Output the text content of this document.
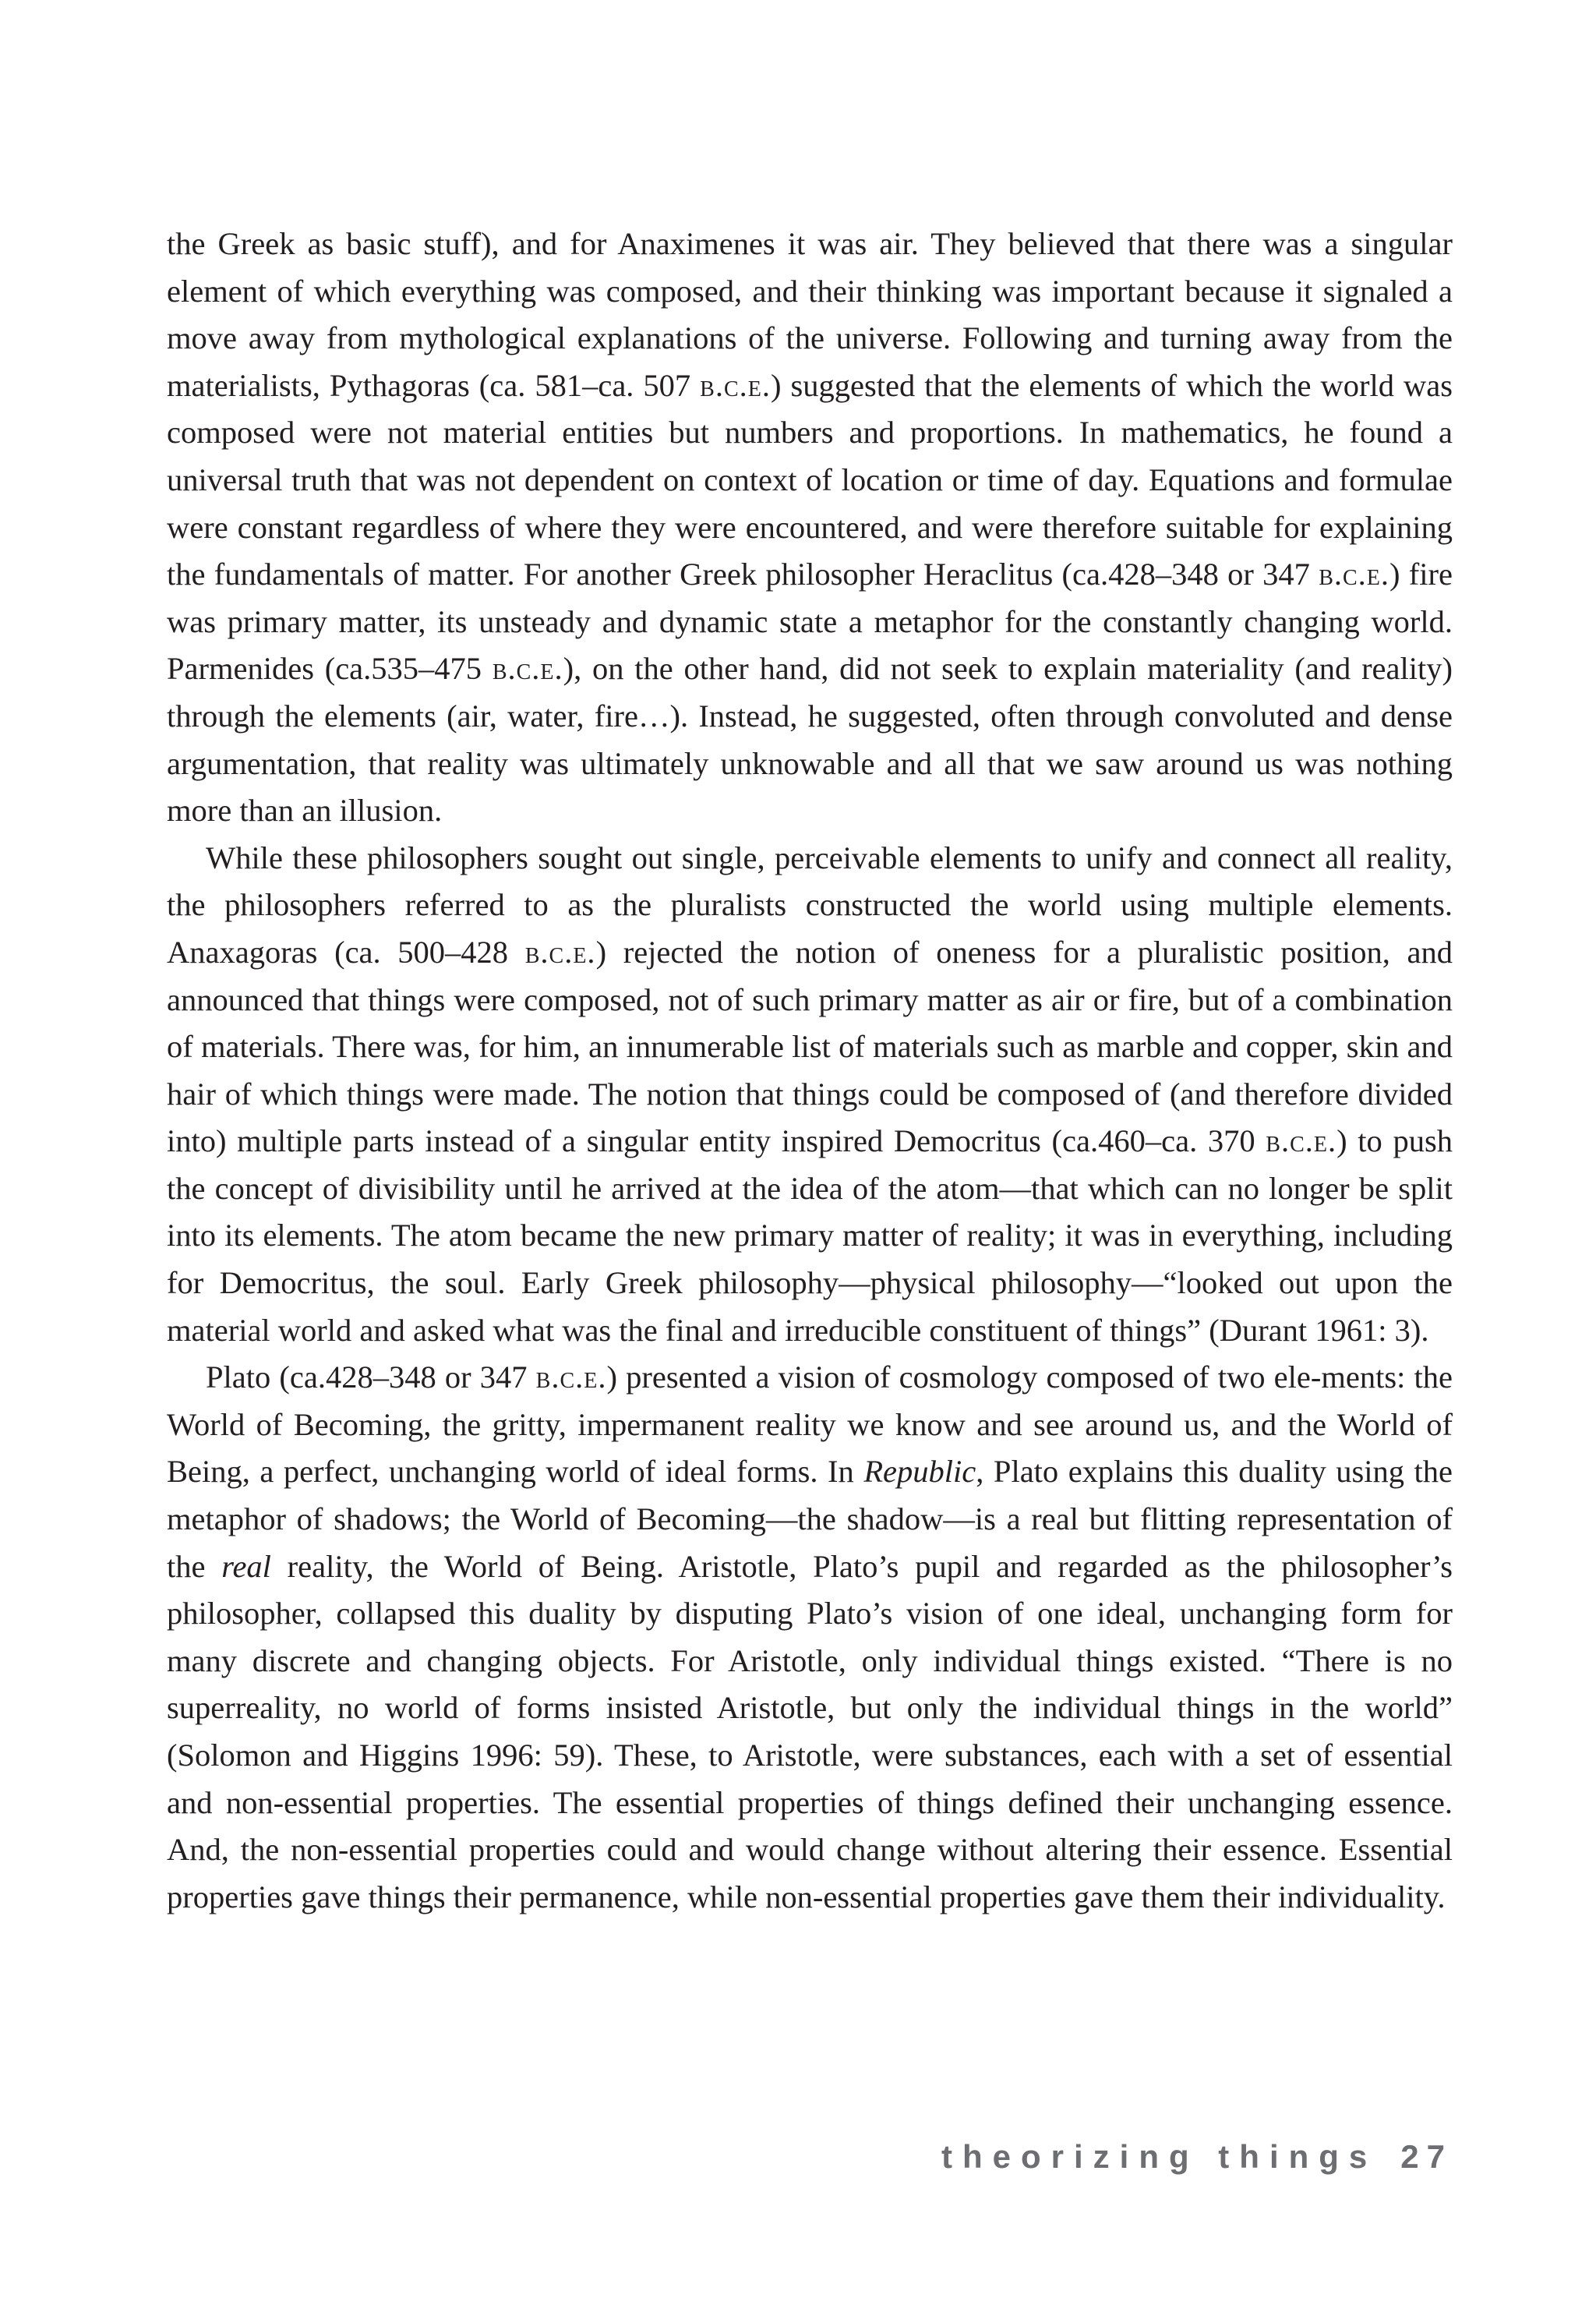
the Greek as basic stuff), and for Anaximenes it was air. They believed that there was a singular element of which everything was composed, and their thinking was important because it signaled a move away from mythological explanations of the universe. Following and turning away from the materialists, Pythagoras (ca. 581–ca. 507 b.c.e.) suggested that the elements of which the world was composed were not material entities but numbers and proportions. In mathematics, he found a universal truth that was not dependent on context of location or time of day. Equations and formulae were constant regardless of where they were encountered, and were therefore suitable for explaining the fundamentals of matter. For another Greek philosopher Heraclitus (ca.428–348 or 347 b.c.e.) fire was primary matter, its unsteady and dynamic state a metaphor for the constantly changing world. Parmenides (ca.535–475 b.c.e.), on the other hand, did not seek to explain materiality (and reality) through the elements (air, water, fire…). Instead, he suggested, often through convoluted and dense argumentation, that reality was ultimately unknowable and all that we saw around us was nothing more than an illusion.

While these philosophers sought out single, perceivable elements to unify and connect all reality, the philosophers referred to as the pluralists constructed the world using multiple elements. Anaxagoras (ca. 500–428 b.c.e.) rejected the notion of oneness for a pluralistic position, and announced that things were composed, not of such primary matter as air or fire, but of a combination of materials. There was, for him, an innumerable list of materials such as marble and copper, skin and hair of which things were made. The notion that things could be composed of (and therefore divided into) multiple parts instead of a singular entity inspired Democritus (ca.460–ca. 370 b.c.e.) to push the concept of divisibility until he arrived at the idea of the atom—that which can no longer be split into its elements. The atom became the new primary matter of reality; it was in everything, including for Democritus, the soul. Early Greek philosophy—physical philosophy—“looked out upon the material world and asked what was the final and irreducible constituent of things” (Durant 1961: 3).

Plato (ca.428–348 or 347 b.c.e.) presented a vision of cosmology composed of two ele-ments: the World of Becoming, the gritty, impermanent reality we know and see around us, and the World of Being, a perfect, unchanging world of ideal forms. In Republic, Plato explains this duality using the metaphor of shadows; the World of Becoming—the shadow—is a real but flitting representation of the real reality, the World of Being. Aristotle, Plato’s pupil and regarded as the philosopher’s philosopher, collapsed this duality by disputing Plato’s vision of one ideal, unchanging form for many discrete and changing objects. For Aristotle, only individual things existed. “There is no superreality, no world of forms insisted Aristotle, but only the individual things in the world” (Solomon and Higgins 1996: 59). These, to Aristotle, were substances, each with a set of essential and non-essential properties. The essential properties of things defined their unchanging essence. And, the non-essential properties could and would change without altering their essence. Essential properties gave things their permanence, while non-essential properties gave them their individuality.

theorizing things 27
